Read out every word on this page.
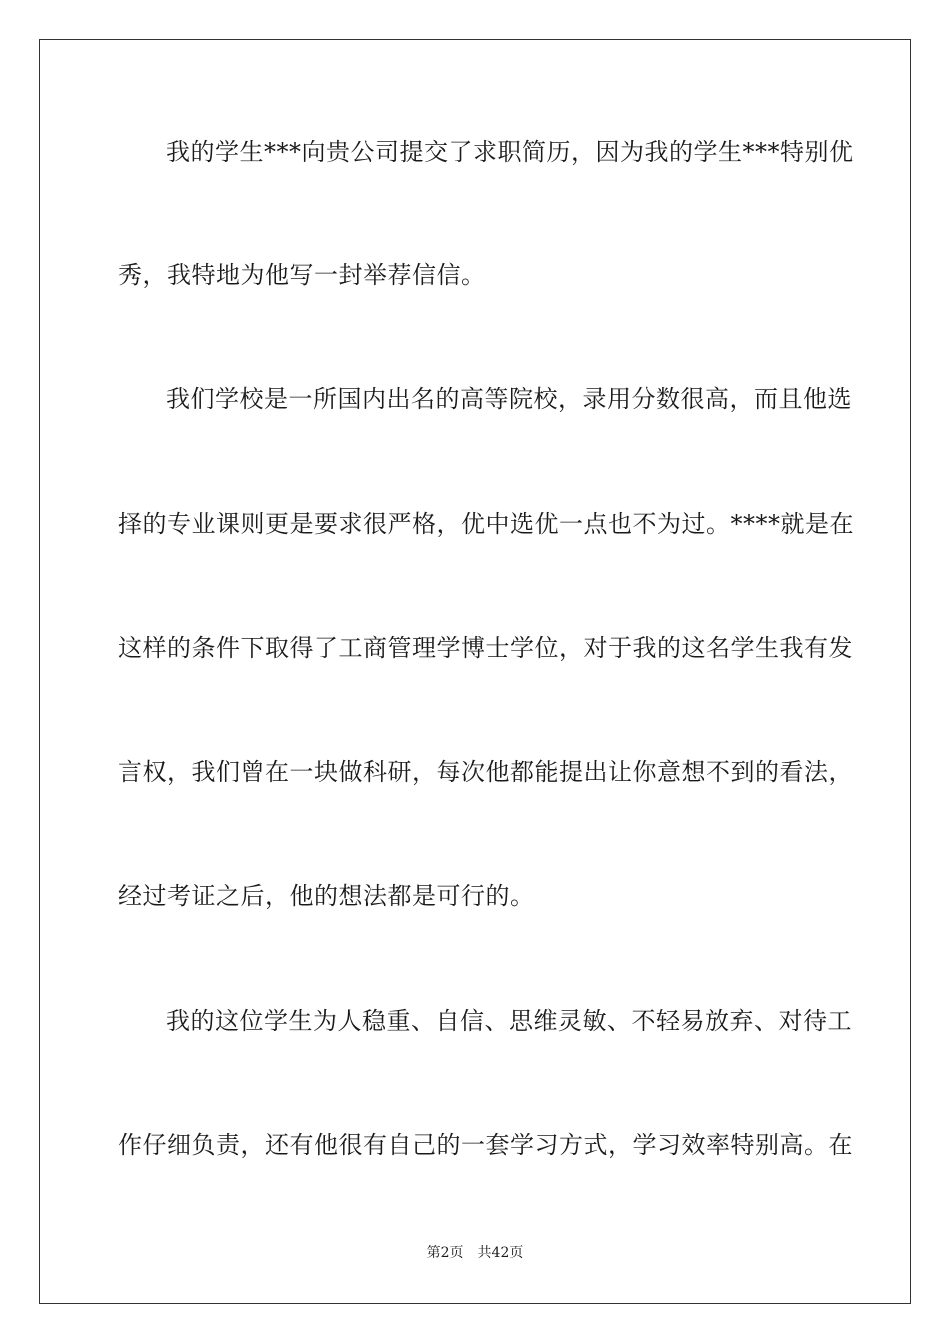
我的学生***向贵公司提交了求职简历，因为我的学生***特别优
秀，我特地为他写一封举荐信信。
我们学校是一所国内出名的高等院校，录用分数很高，而且他选
择的专业课则更是要求很严格，优中选优一点也不为过。****就是在
这样的条件下取得了工商管理学博士学位，对于我的这名学生我有发
言权，我们曾在一块做科研，每次他都能提出让你意想不到的看法，
经过考证之后，他的想法都是可行的。
我的这位学生为人稳重、自信、思维灵敏、不轻易放弃、对待工
作仔细负责，还有他很有自己的一套学习方式，学习效率特别高。在
第2页 共42页
